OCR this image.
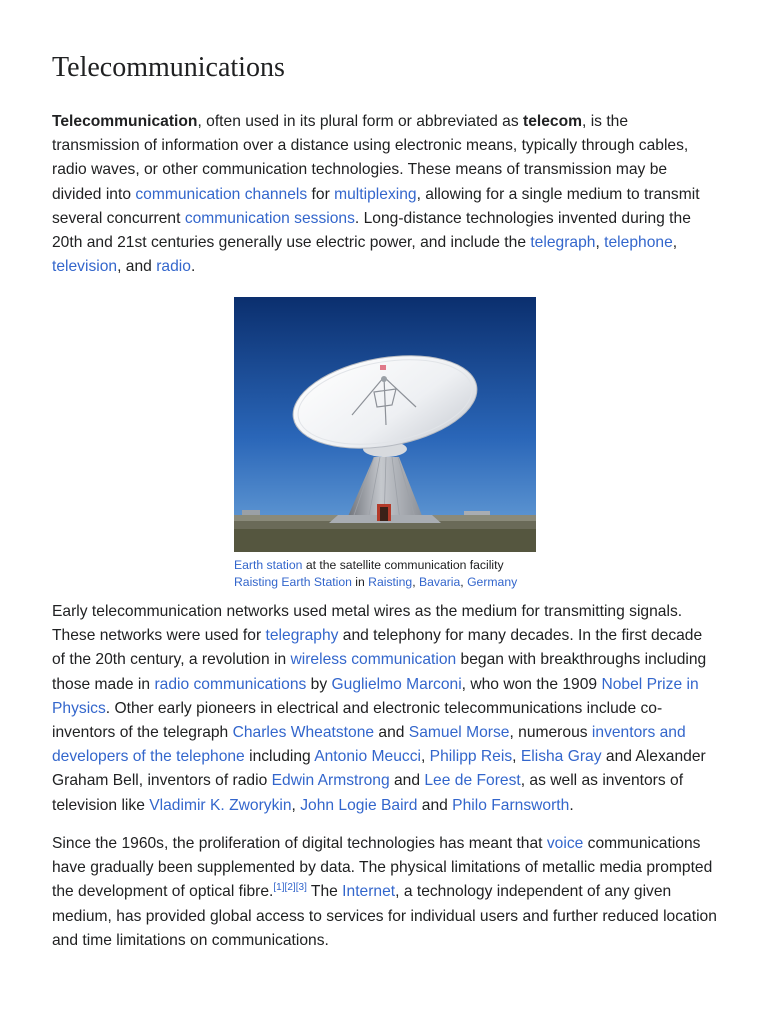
Telecommunications

Telecommunication, often used in its plural form or abbreviated as telecom, is the transmission of information over a distance using electronic means, typically through cables, radio waves, or other communication technologies. These means of transmission may be divided into communication channels for multiplexing, allowing for a single medium to transmit several concurrent communication sessions. Long-distance technologies invented during the 20th and 21st centuries generally use electric power, and include the telegraph, telephone, television, and radio.

Earth station at the satellite communication facility Raisting Earth Station in Raisting, Bavaria, Germany

Early telecommunication networks used metal wires as the medium for transmitting signals. These networks were used for telegraphy and telephony for many decades. In the first decade of the 20th century, a revolution in wireless communication began with breakthroughs including those made in radio communications by Guglielmo Marconi, who won the 1909 Nobel Prize in Physics. Other early pioneers in electrical and electronic telecommunications include co-inventors of the telegraph Charles Wheatstone and Samuel Morse, numerous inventors and developers of the telephone including Antonio Meucci, Philipp Reis, Elisha Gray and Alexander Graham Bell, inventors of radio Edwin Armstrong and Lee de Forest, as well as inventors of television like Vladimir K. Zworykin, John Logie Baird and Philo Farnsworth.

Since the 1960s, the proliferation of digital technologies has meant that voice communications have gradually been supplemented by data. The physical limitations of metallic media prompted the development of optical fibre.[1][2][3] The Internet, a technology independent of any given medium, has provided global access to services for individual users and further reduced location and time limitations on communications.
